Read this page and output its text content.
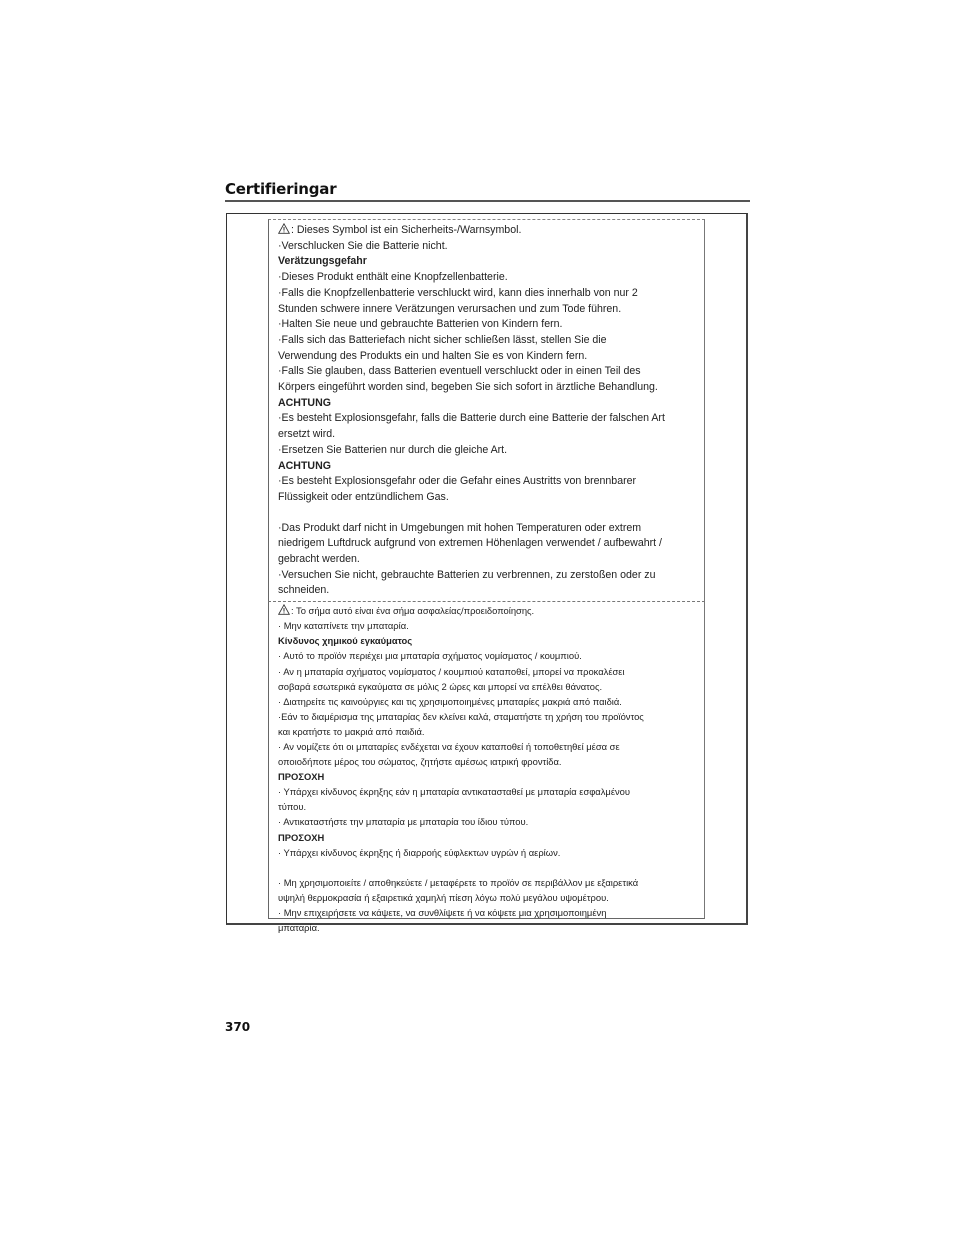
Certifieringar
: Dieses Symbol ist ein Sicherheits-/Warnsymbol.
·Verschlucken Sie die Batterie nicht.
Verätzungsgefahr
·Dieses Produkt enthält eine Knopfzellenbatterie.
·Falls die Knopfzellenbatterie verschluckt wird, kann dies innerhalb von nur 2
Stunden schwere innere Verätzungen verursachen und zum Tode führen.
·Halten Sie neue und gebrauchte Batterien von Kindern fern.
·Falls sich das Batteriefach nicht sicher schließen lässt, stellen Sie die
Verwendung des Produkts ein und halten Sie es von Kindern fern.
·Falls Sie glauben, dass Batterien eventuell verschluckt oder in einen Teil des
Körpers eingeführt worden sind, begeben Sie sich sofort in ärztliche Behandlung.
ACHTUNG
·Es besteht Explosionsgefahr, falls die Batterie durch eine Batterie der falschen Art
ersetzt wird.
·Ersetzen Sie Batterien nur durch die gleiche Art.
ACHTUNG
·Es besteht Explosionsgefahr oder die Gefahr eines Austritts von brennbarer
Flüssigkeit oder entzündlichem Gas.
·Das Produkt darf nicht in Umgebungen mit hohen Temperaturen oder extrem
niedrigem Luftdruck aufgrund von extremen Höhenlagen verwendet / aufbewahrt /
gebracht werden.
·Versuchen Sie nicht, gebrauchte Batterien zu verbrennen, zu zerstoßen oder zu
schneiden.
: Το σήμα αυτό είναι ένα σήμα ασφαλείας/προειδοποίησης.
· Μην καταπίνετε την μπαταρία.
Κίνδυνος χημικού εγκαύματος
· Αυτό το προϊόν περιέχει μια μπαταρία σχήματος νομίσματος / κουμπιού.
· Αν η μπαταρία σχήματος νομίσματος / κουμπιού καταποθεί, μπορεί να προκαλέσει
σοβαρά εσωτερικά εγκαύματα σε μόλις 2 ώρες και μπορεί να επέλθει θάνατος.
· Διατηρείτε τις καινούργιες και τις χρησιμοποιημένες μπαταρίες μακριά από παιδιά.
·Εάν το διαμέρισμα της μπαταρίας δεν κλείνει καλά, σταματήστε τη χρήση του προϊόντος
και κρατήστε το μακριά από παιδιά.
· Αν νομίζετε ότι οι μπαταρίες ενδέχεται να έχουν καταποθεί ή τοποθετηθεί μέσα σε
οποιοδήποτε μέρος του σώματος, ζητήστε αμέσως ιατρική φροντίδα.
ΠΡΟΣΟΧΗ
· Υπάρχει κίνδυνος έκρηξης εάν η μπαταρία αντικατασταθεί με μπαταρία εσφαλμένου
τύπου.
· Αντικαταστήστε την μπαταρία με μπαταρία του ίδιου τύπου.
ΠΡΟΣΟΧΗ
· Υπάρχει κίνδυνος έκρηξης ή διαρροής εύφλεκτων υγρών ή αερίων.
· Μη χρησιμοποιείτε / αποθηκεύετε / μεταφέρετε το προϊόν σε περιβάλλον με εξαιρετικά
υψηλή θερμοκρασία ή εξαιρετικά χαμηλή πίεση λόγω πολύ μεγάλου υψομέτρου.
· Μην επιχειρήσετε να κάψετε, να συνθλίψετε ή να κόψετε μια χρησιμοποιημένη
μπαταρία.
370
